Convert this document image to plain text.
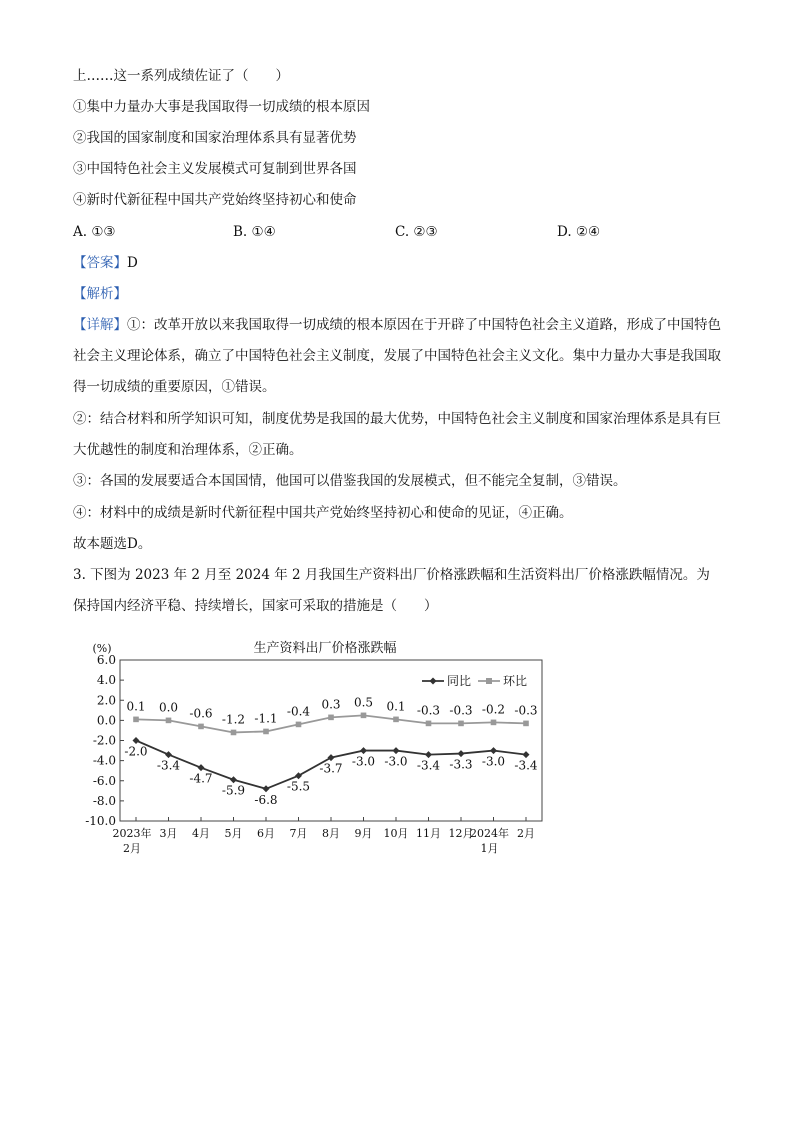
上……这一系列成绩佐证了（　　）
①集中力量办大事是我国取得一切成绩的根本原因
②我国的国家制度和国家治理体系具有显著优势
③中国特色社会主义发展模式可复制到世界各国
④新时代新征程中国共产党始终坚持初心和使命
A. ①③	B. ①④	C. ②③	D. ②④
【答案】D
【解析】
【详解】①：改革开放以来我国取得一切成绩的根本原因在于开辟了中国特色社会主义道路，形成了中国特色社会主义理论体系，确立了中国特色社会主义制度，发展了中国特色社会主义文化。集中力量办大事是我国取得一切成绩的重要原因，①错误。
②：结合材料和所学知识可知，制度优势是我国的最大优势，中国特色社会主义制度和国家治理体系是具有巨大优越性的制度和治理体系，②正确。
③：各国的发展要适合本国国情，他国可以借鉴我国的发展模式，但不能完全复制，③错误。
④：材料中的成绩是新时代新征程中国共产党始终坚持初心和使命的见证，④正确。
故本题选D。
3. 下图为 2023 年 2 月至 2024 年 2 月我国生产资料出厂价格涨跌幅和生活资料出厂价格涨跌幅情况。为保持国内经济平稳、持续增长，国家可采取的措施是（　　）
生产资料出厂价格涨跌幅
(%)
6.0
4.0
2.0
0.0
-2.0
-4.0
-6.0
-8.0
-10.0
2023年
2月
3月 4月 5月 6月 7月 8月 9月 10月 11月 12月
2024年
1月
2月
-2.0
-3.4
-4.7
-5.9
-6.8
-5.5
-3.7
-3.0 -3.0 -3.4 -3.3 -3.0 -3.4
0.1 0.0 -0.6 -1.2 -1.1
-0.4
0.3 0.5 0.1 -0.3 -0.3 -0.2 -0.3
同比	环比
